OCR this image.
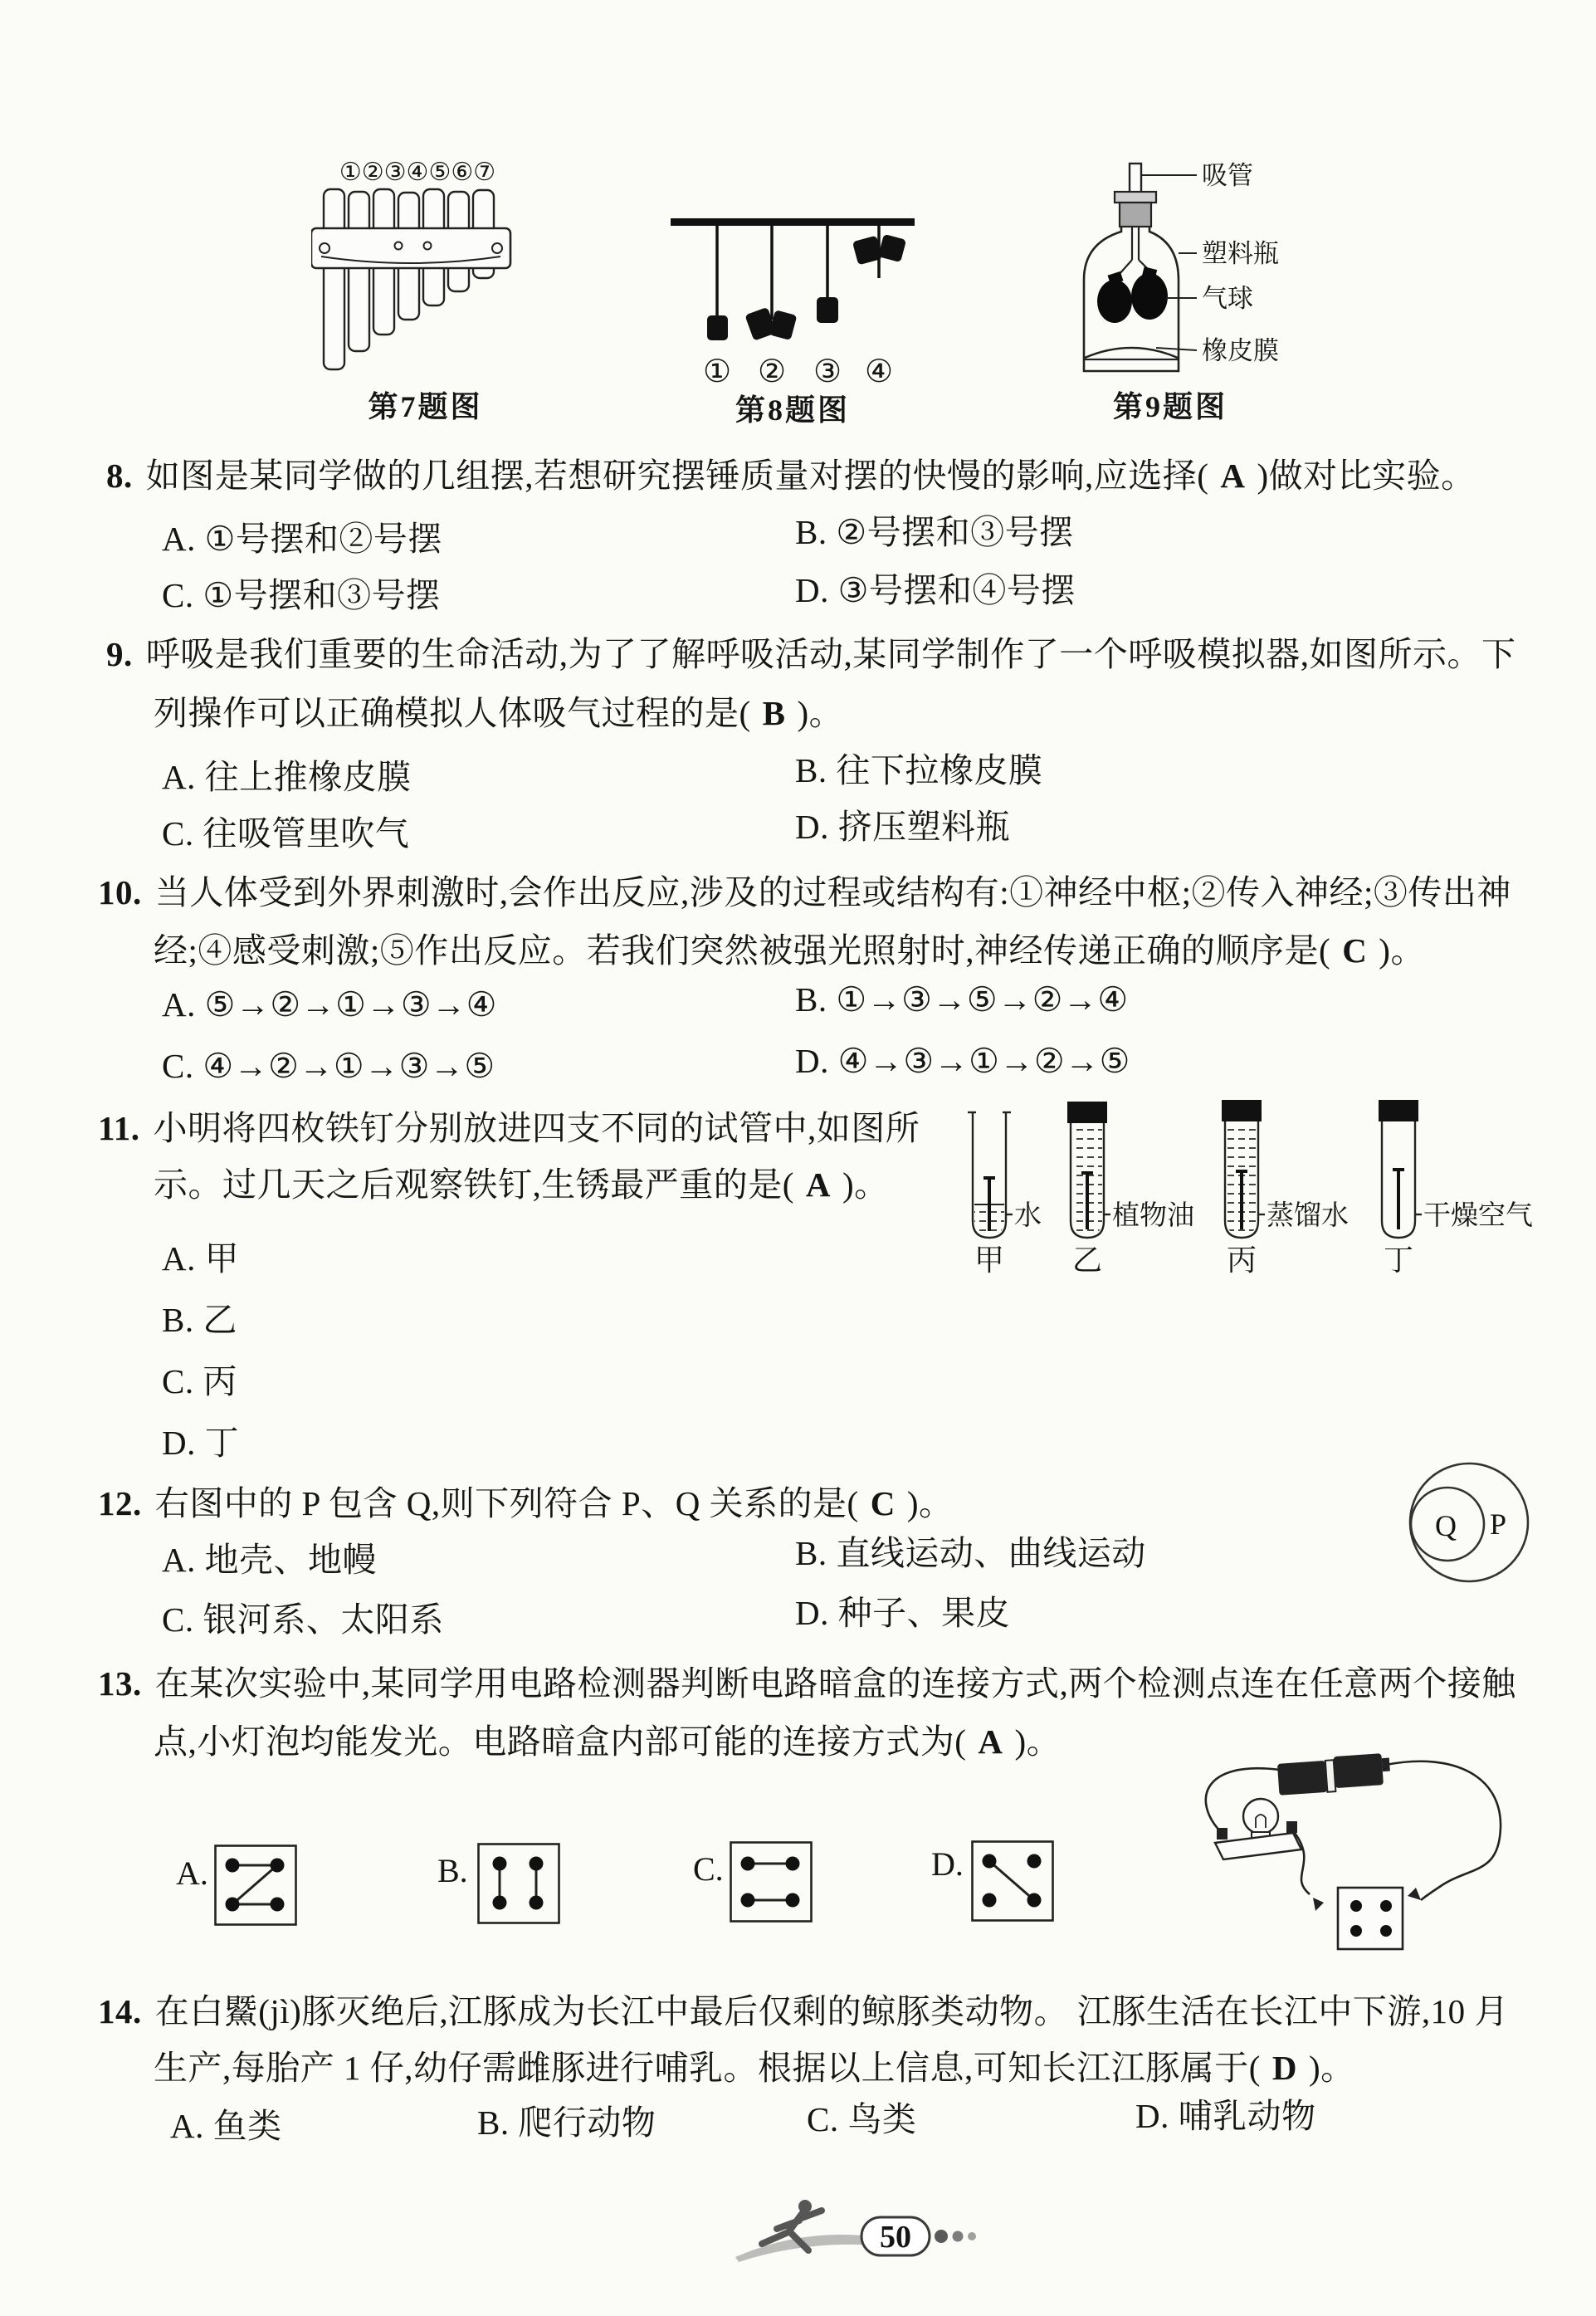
①②③④⑤⑥⑦
第7题图
① ② ③ ④
第8题图
吸管
塑料瓶
气球
橡皮膜
第9题图
8. 如图是某同学做的几组摆,若想研究摆锤质量对摆的快慢的影响,应选择( A )做对比实验。
A. ①号摆和②号摆	B. ②号摆和③号摆
C. ①号摆和③号摆	D. ③号摆和④号摆
9. 呼吸是我们重要的生命活动,为了了解呼吸活动,某同学制作了一个呼吸模拟器,如图所示。下
列操作可以正确模拟人体吸气过程的是( B )。
A. 往上推橡皮膜	B. 往下拉橡皮膜
C. 往吸管里吹气	D. 挤压塑料瓶
10. 当人体受到外界刺激时,会作出反应,涉及的过程或结构有:①神经中枢;②传入神经;③传出神
经;④感受刺激;⑤作出反应。若我们突然被强光照射时,神经传递正确的顺序是( C )。
A. ⑤→②→①→③→④	B. ①→③→⑤→②→④
C. ④→②→①→③→⑤	D. ④→③→①→②→⑤
11. 小明将四枚铁钉分别放进四支不同的试管中,如图所
示。过几天之后观察铁钉,生锈最严重的是( A )。
A. 甲
B. 乙
C. 丙
D. 丁
水	植物油	蒸馏水	干燥空气
甲 乙	丙	丁
12. 右图中的 P 包含 Q,则下列符合 P、Q 关系的是( C )。
A. 地壳、地幔	B. 直线运动、曲线运动
C. 银河系、太阳系	D. 种子、果皮
Q P
13. 在某次实验中,某同学用电路检测器判断电路暗盒的连接方式,两个检测点连在任意两个接触
点,小灯泡均能发光。电路暗盒内部可能的连接方式为( A )。
A.	B.	C.	D.
14. 在白鱀(jì)豚灭绝后,江豚成为长江中最后仅剩的鲸豚类动物。 江豚生活在长江中下游,10 月
生产,每胎产 1 仔,幼仔需雌豚进行哺乳。根据以上信息,可知长江江豚属于( D )。
A. 鱼类	B. 爬行动物	C. 鸟类	D. 哺乳动物
50
